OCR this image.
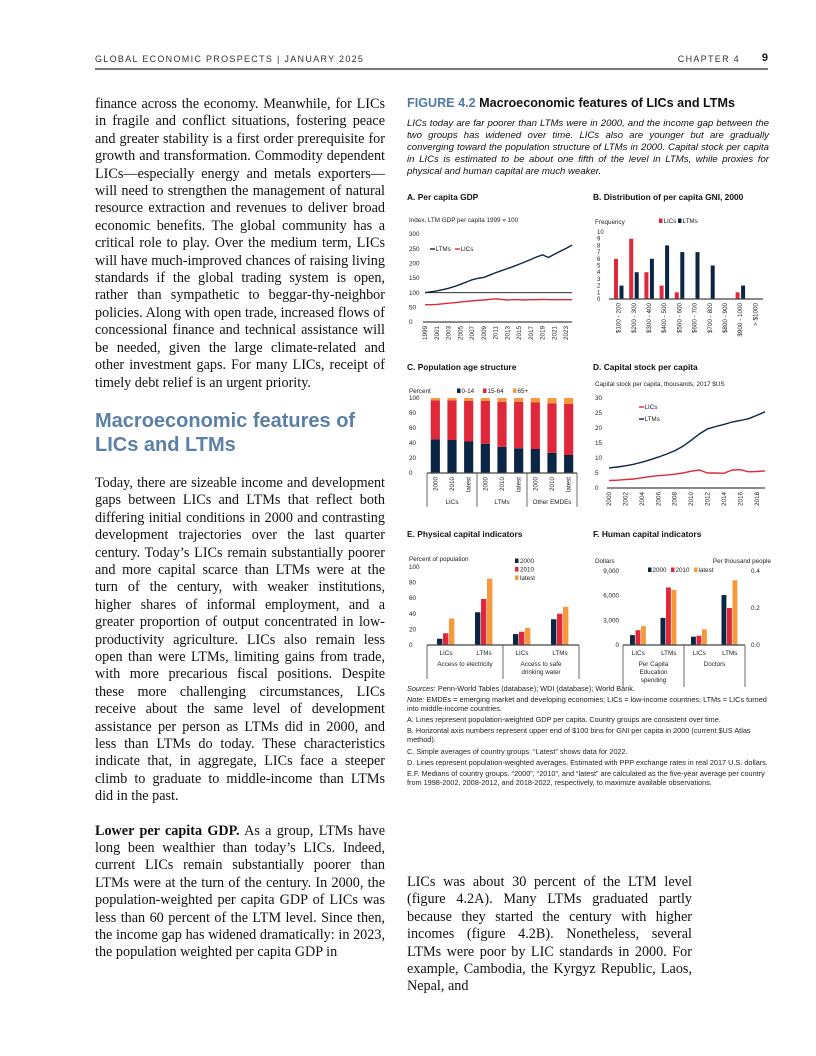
GLOBAL ECONOMIC PROSPECTS | JANUARY 2025	CHAPTER 4 9

finance across the economy. Meanwhile, for LICs in fragile and conflict situations, fostering peace and greater stability is a first order prerequisite for growth and transformation. Commodity dependent LICs—especially energy and metals exporters—will need to strengthen the management of natural resource extraction and revenues to deliver broad economic benefits. The global community has a critical role to play. Over the medium term, LICs will have much-improved chances of raising living standards if the global trading system is open, rather than sympathetic to beggar-thy-neighbor policies. Along with open trade, increased flows of concessional finance and technical assistance will be needed, given the large climate-related and other investment gaps. For many LICs, receipt of timely debt relief is an urgent priority.

Macroeconomic features of LICs and LTMs

Today, there are sizeable income and development gaps between LICs and LTMs that reflect both differing initial conditions in 2000 and contrasting development trajectories over the last quarter century. Today’s LICs remain substantially poorer and more capital scarce than LTMs were at the turn of the century, with weaker institutions, higher shares of informal employment, and a greater proportion of output concentrated in low-productivity agriculture. LICs also remain less open than were LTMs, limiting gains from trade, with more precarious fiscal positions. Despite these more challenging circumstances, LICs receive about the same level of development assistance per person as LTMs did in 2000, and less than LTMs do today. These characteristics indicate that, in aggregate, LICs face a steeper climb to graduate to middle-income than LTMs did in the past.

Lower per capita GDP. As a group, LTMs have long been wealthier than today’s LICs. Indeed, current LICs remain substantially poorer than LTMs were at the turn of the century. In 2000, the population-weighted per capita GDP of LICs was less than 60 percent of the LTM level. Since then, the income gap has widened dramatically: in 2023, the population weighted per capita GDP in

FIGURE 4.2 Macroeconomic features of LICs and LTMs
LICs today are far poorer than LTMs were in 2000, and the income gap between the two groups has widened over time. LICs also are younger but are gradually converging toward the population structure of LTMs in 2000. Capital stock per capita in LICs is estimated to be about one fifth of the level in LTMs, while proxies for physical and human capital are much weaker.
A. Per capita GDP
Index, LTM GDP per capita 1999 = 100
0
50
100
150
200
250
300
1999 2001 2003 2005 2007 2009 2011 2013 2015 2017 2019 2021 2023
LTMs LICs
B. Distribution of per capita GNI, 2000
Frequency
0
1
2
3
4
5
6
7
8
9
10
$100 - 200 $200 - 300 $300 - 400 $400 - 500 $500 - 600 $600 - 700 $700 - 800 $800 - 900 $900 - 1000 > $1000
LICs LTMs
C. Population age structure
Percent
0
20
40
60
80
100
2000 2010 latest 2000 2010 latest 2000 2010 latest
LICs	LTMs	Other EMDEs
0-14 15-64 65+
D. Capital stock per capita
Capital stock per capita, thousands, 2017 $US
0
5
10
15
20
25
30
2000 2002 2004 2006 2008 2010 2012 2014 2016 2018
LICs
LTMs
E. Physical capital indicators
Percent of population
0
20
40
60
80
100
LICs	LTMs	LICs	LTMs
Access to electricity	Access to safe
drinking water
2000
2010
latest
F. Human capital indicators
Dollars	Per thousand people
0
3,000
6,000
9,000
0.0
0.2
0.4
LICs	LTMs	LICs	LTMs
Per Capita
Education
spending
Doctors
2000 2010 latest

Sources: Penn-World Tables (database); WDI (database); World Bank.

Note: EMDEs = emerging market and developing economies; LICs = low-income countries; LTMs = LICs turned into middle-income countries.

A. Lines represent population-weighted GDP per capita. Country groups are consistent over time.

B. Horizontal axis numbers represent upper end of $100 bins for GNI per capita in 2000 (current $US Atlas method).

C. Simple averages of country groups. “Latest” shows data for 2022.

D. Lines represent population-weighted averages. Estimated with PPP exchange rates in real 2017 U.S. dollars.

E.F. Medians of country groups. “2000”, “2010”, and “latest” are calculated as the five-year average per country from 1998-2002, 2008-2012, and 2018-2022, respectively, to maximize available observations.

LICs was about 30 percent of the LTM level (figure 4.2A). Many LTMs graduated partly because they started the century with higher incomes (figure 4.2B). Nonetheless, several LTMs were poor by LIC standards in 2000. For example, Cambodia, the Kyrgyz Republic, Laos, Nepal, and
